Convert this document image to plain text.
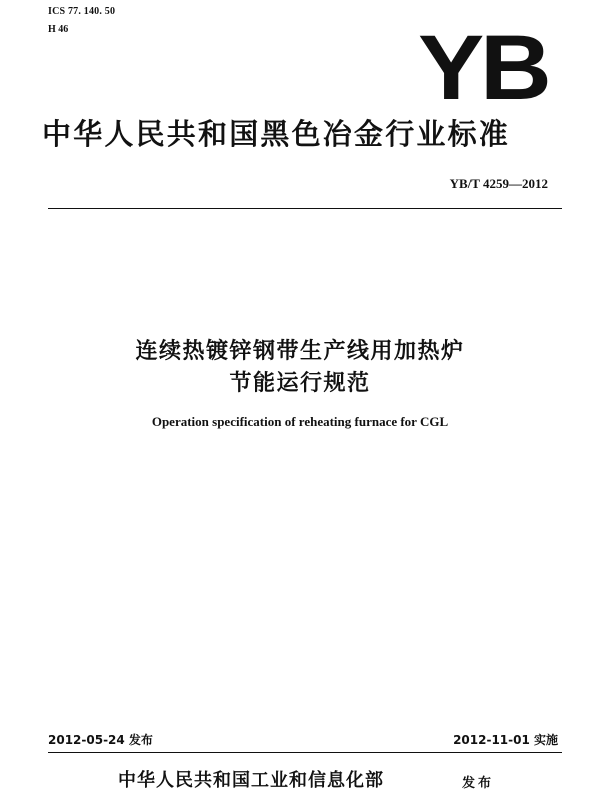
ICS 77. 140. 50
H 46	YB
中华人民共和国黑色冶金行业标准
YB/T 4259—2012
连续热镀锌钢带生产线用加热炉
节能运行规范
Operation specification of reheating furnace for CGL
2012-05-24 发布	2012-11-01 实施
中华人民共和国工业和信息化部	发布
